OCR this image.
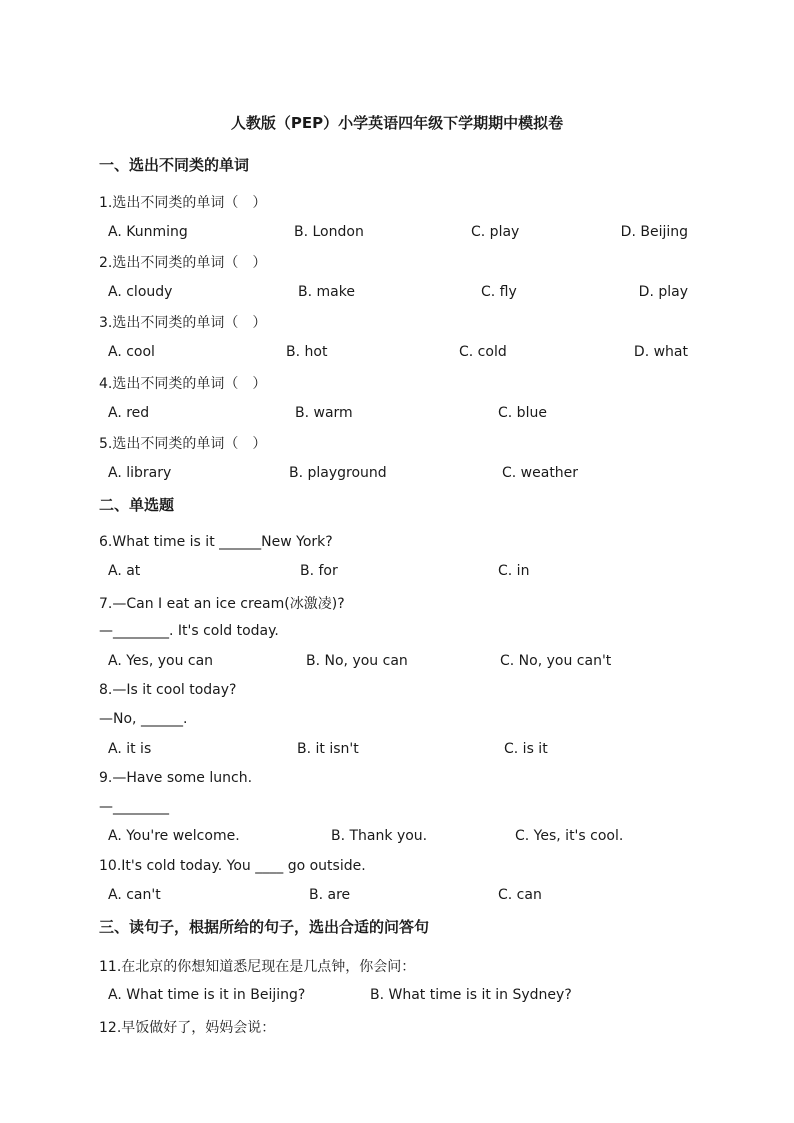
人教版（PEP）小学英语四年级下学期期中模拟卷
一、选出不同类的单词
1.选出不同类的单词（　）
A. Kunming	B. London	C. play	D. Beijing
2.选出不同类的单词（　）
A. cloudy	B. make	C. fly	D. play
3.选出不同类的单词（　）
A. cool	B. hot	C. cold	D. what
4.选出不同类的单词（　）
A. red	B. warm	C. blue
5.选出不同类的单词（　）
A. library	B. playground	C. weather
二、单选题
6.What time is it ______New York?
A. at	B. for	C. in
7.—Can I eat an ice cream(冰激凌)?
—________. It's cold today.
A. Yes, you can	B. No, you can	C. No, you can't
8.—Is it cool today?
—No, ______.
A. it is	B. it isn't	C. is it
9.—Have some lunch.
—________
A. You're welcome.	B. Thank you.	C. Yes, it's cool.
10.It's cold today. You ____ go outside.
A. can't	B. are	C. can
三、读句子，根据所给的句子，选出合适的问答句
11.在北京的你想知道悉尼现在是几点钟，你会问：
A. What time is it in Beijing?	B. What time is it in Sydney?
12.早饭做好了，妈妈会说：
